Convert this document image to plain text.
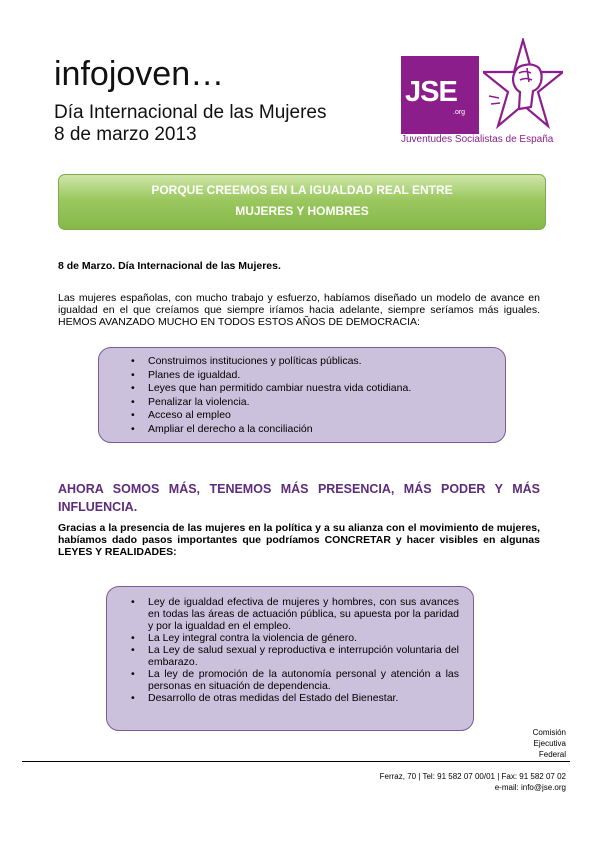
infojoven…
Día Internacional de las Mujeres
8 de marzo 2013
JSE
.org
Juventudes Socialistas de España
PORQUE CREEMOS EN LA IGUALDAD REAL ENTRE
MUJERES Y HOMBRES
8 de Marzo. Día Internacional de las Mujeres.
Las mujeres españolas, con mucho trabajo y esfuerzo, habíamos diseñado un modelo de avance en igualdad en el que creíamos que siempre iríamos hacia adelante, siempre seríamos más iguales. HEMOS AVANZADO MUCHO EN TODOS ESTOS AÑOS DE DEMOCRACIA:
• Construimos instituciones y políticas públicas.
• Planes de igualdad.
• Leyes que han permitido cambiar nuestra vida cotidiana.
• Penalizar la violencia.
• Acceso al empleo
• Ampliar el derecho a la conciliación
AHORA SOMOS MÁS, TENEMOS MÁS PRESENCIA, MÁS PODER Y MÁS INFLUENCIA.
Gracias a la presencia de las mujeres en la política y a su alianza con el movimiento de mujeres, habíamos dado pasos importantes que podríamos CONCRETAR y hacer visibles en algunas LEYES Y REALIDADES:
• Ley de igualdad efectiva de mujeres y hombres, con sus avances en todas las áreas de actuación pública, su apuesta por la paridad y por la igualdad en el empleo.
• La Ley integral contra la violencia de género.
• La Ley de salud sexual y reproductiva e interrupción voluntaria del embarazo.
• La ley de promoción de la autonomía personal y atención a las personas en situación de dependencia.
• Desarrollo de otras medidas del Estado del Bienestar.
Comisión
Ejecutiva
Federal
Ferraz, 70 | Tel: 91 582 07 00/01 | Fax: 91 582 07 02
e-mail: info@jse.org
